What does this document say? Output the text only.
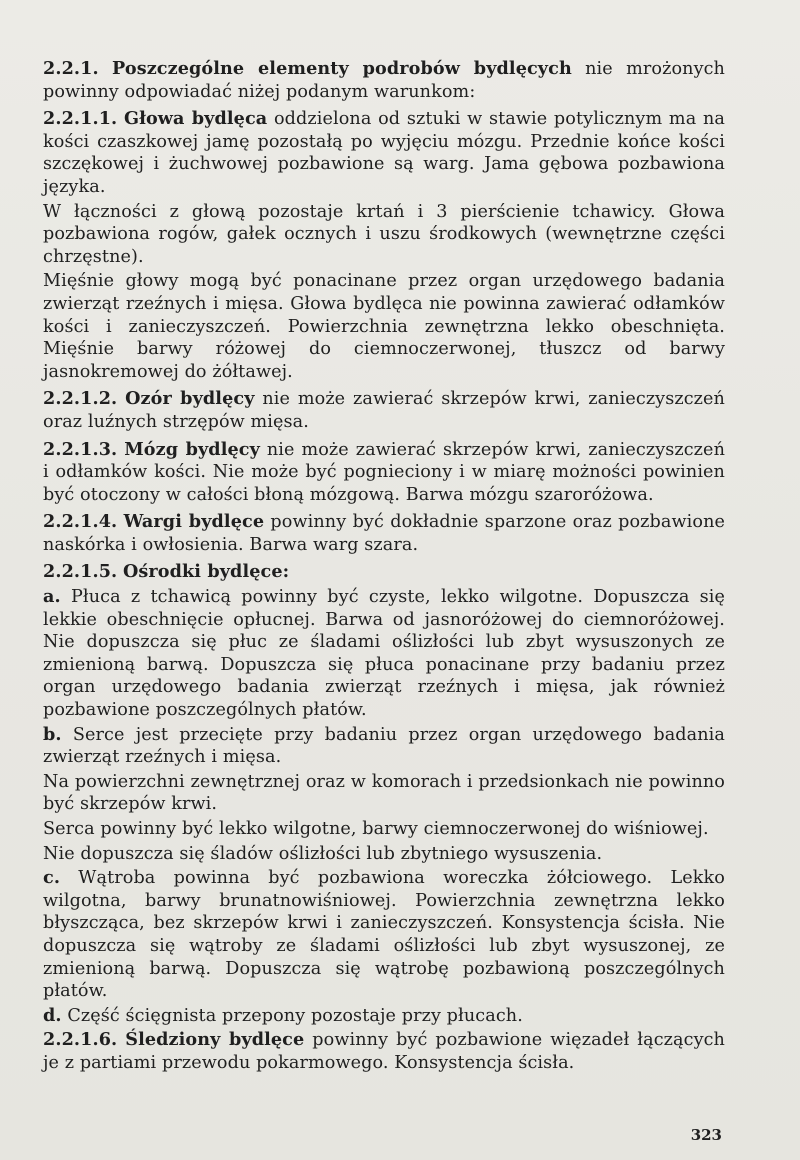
2.2.1. Poszczególne elementy podrobów bydlęcych nie mrożonych powinny odpowiadać niżej podanym warunkom:

2.2.1.1. Głowa bydlęca oddzielona od sztuki w stawie potylicznym ma na kości czaszkowej jamę pozostałą po wyjęciu mózgu. Przednie końce kości szczękowej i żuchwowej pozbawione są warg. Jama gębowa pozbawiona języka.

W łączności z głową pozostaje krtań i 3 pierścienie tchawicy. Głowa pozbawiona rogów, gałek ocznych i uszu środkowych (wewnętrzne części chrzęstne).

Mięśnie głowy mogą być ponacinane przez organ urzędowego badania zwierząt rzeźnych i mięsa. Głowa bydlęca nie powinna zawierać odłamków kości i zanieczyszczeń. Powierzchnia zewnętrzna lekko obeschnięta. Mięśnie barwy różowej do ciemnoczerwonej, tłuszcz od barwy jasnokremowej do żółtawej.

2.2.1.2. Ozór bydlęcy nie może zawierać skrzepów krwi, zanieczyszczeń oraz luźnych strzępów mięsa.

2.2.1.3. Mózg bydlęcy nie może zawierać skrzepów krwi, zanieczyszczeń i odłamków kości. Nie może być pognieciony i w miarę możności powinien być otoczony w całości błoną mózgową. Barwa mózgu szaroróżowa.

2.2.1.4. Wargi bydlęce powinny być dokładnie sparzone oraz pozbawione naskórka i owłosienia. Barwa warg szara.

2.2.1.5. Ośrodki bydlęce:

a. Płuca z tchawicą powinny być czyste, lekko wilgotne. Dopuszcza się lekkie obeschnięcie opłucnej. Barwa od jasnoróżowej do ciemnoróżowej. Nie dopuszcza się płuc ze śladami oślizłości lub zbyt wysuszonych ze zmienioną barwą. Dopuszcza się płuca ponacinane przy badaniu przez organ urzędowego badania zwierząt rzeźnych i mięsa, jak również pozbawione poszczególnych płatów.

b. Serce jest przecięte przy badaniu przez organ urzędowego badania zwierząt rzeźnych i mięsa.

Na powierzchni zewnętrznej oraz w komorach i przedsionkach nie powinno być skrzepów krwi.

Serca powinny być lekko wilgotne, barwy ciemnoczerwonej do wiśniowej.

Nie dopuszcza się śladów oślizłości lub zbytniego wysuszenia.

c. Wątroba powinna być pozbawiona woreczka żółciowego. Lekko wilgotna, barwy brunatnowiśniowej. Powierzchnia zewnętrzna lekko błyszcząca, bez skrzepów krwi i zanieczyszczeń. Konsystencja ścisła. Nie dopuszcza się wątroby ze śladami oślizłości lub zbyt wysuszonej, ze zmienioną barwą. Dopuszcza się wątrobę pozbawioną poszczególnych płatów.

d. Część ścięgnista przepony pozostaje przy płucach.

2.2.1.6. Śledziony bydlęce powinny być pozbawione więzadeł łączących je z partiami przewodu pokarmowego. Konsystencja ścisła.

323
